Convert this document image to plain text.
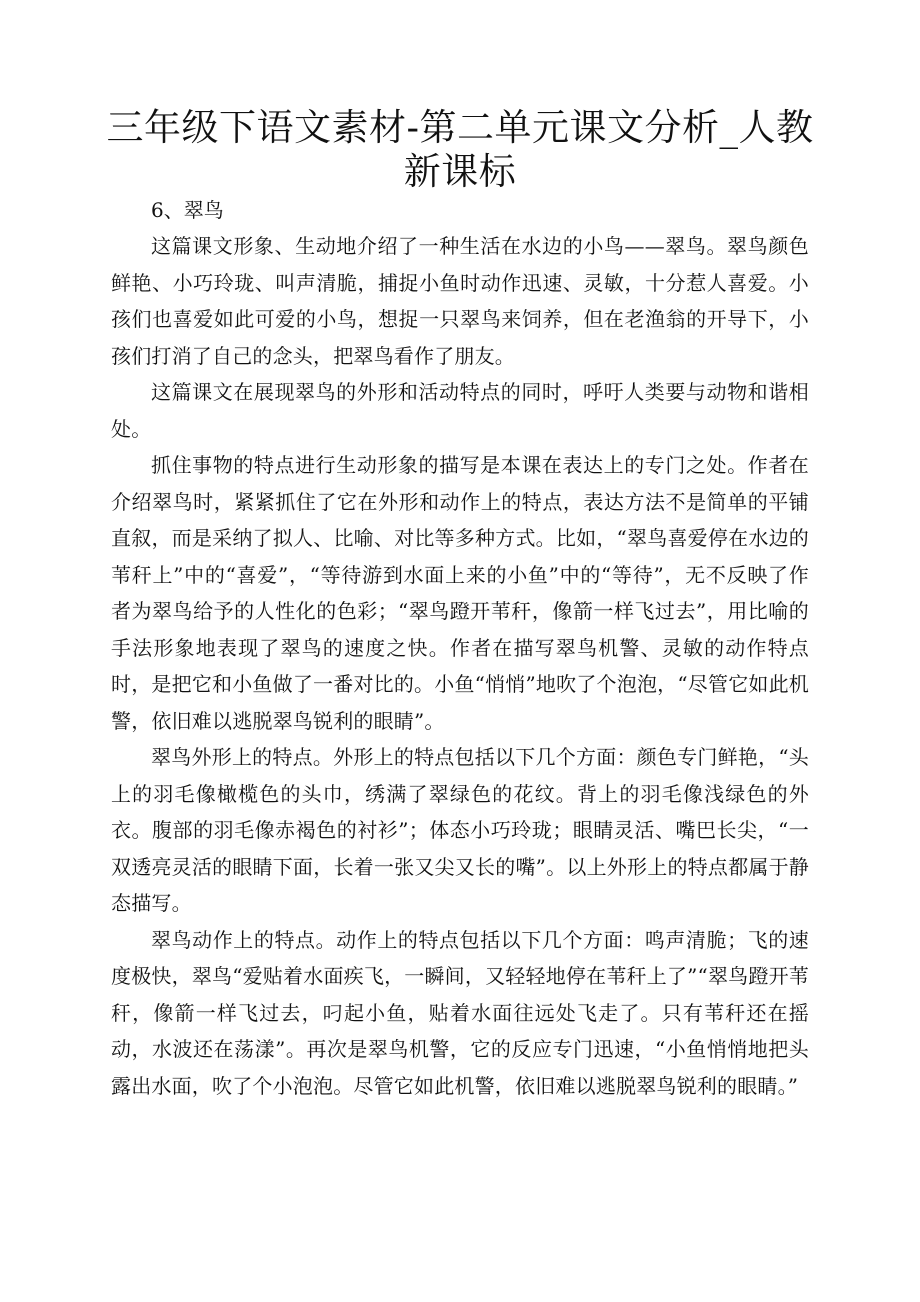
三年级下语文素材-第二单元课文分析_人教新课标

6、翠鸟

这篇课文形象、生动地介绍了一种生活在水边的小鸟——翠鸟。翠鸟颜色鲜艳、小巧玲珑、叫声清脆，捕捉小鱼时动作迅速、灵敏，十分惹人喜爱。小孩们也喜爱如此可爱的小鸟，想捉一只翠鸟来饲养，但在老渔翁的开导下，小孩们打消了自己的念头，把翠鸟看作了朋友。

这篇课文在展现翠鸟的外形和活动特点的同时，呼吁人类要与动物和谐相处。

抓住事物的特点进行生动形象的描写是本课在表达上的专门之处。作者在介绍翠鸟时，紧紧抓住了它在外形和动作上的特点，表达方法不是简单的平铺直叙，而是采纳了拟人、比喻、对比等多种方式。比如，“翠鸟喜爱停在水边的苇秆上”中的“喜爱”，“等待游到水面上来的小鱼”中的“等待”，无不反映了作者为翠鸟给予的人性化的色彩；“翠鸟蹬开苇秆，像箭一样飞过去”，用比喻的手法形象地表现了翠鸟的速度之快。作者在描写翠鸟机警、灵敏的动作特点时，是把它和小鱼做了一番对比的。小鱼“悄悄”地吹了个泡泡，“尽管它如此机警，依旧难以逃脱翠鸟锐利的眼睛”。

翠鸟外形上的特点。外形上的特点包括以下几个方面：颜色专门鲜艳，“头上的羽毛像橄榄色的头巾，绣满了翠绿色的花纹。背上的羽毛像浅绿色的外衣。腹部的羽毛像赤褐色的衬衫”；体态小巧玲珑；眼睛灵活、嘴巴长尖，“一双透亮灵活的眼睛下面，长着一张又尖又长的嘴”。以上外形上的特点都属于静态描写。

翠鸟动作上的特点。动作上的特点包括以下几个方面：鸣声清脆；飞的速度极快，翠鸟“爱贴着水面疾飞，一瞬间，又轻轻地停在苇秆上了”“翠鸟蹬开苇秆，像箭一样飞过去，叼起小鱼，贴着水面往远处飞走了。只有苇秆还在摇动，水波还在荡漾”。再次是翠鸟机警，它的反应专门迅速，“小鱼悄悄地把头露出水面，吹了个小泡泡。尽管它如此机警，依旧难以逃脱翠鸟锐利的眼睛。”
